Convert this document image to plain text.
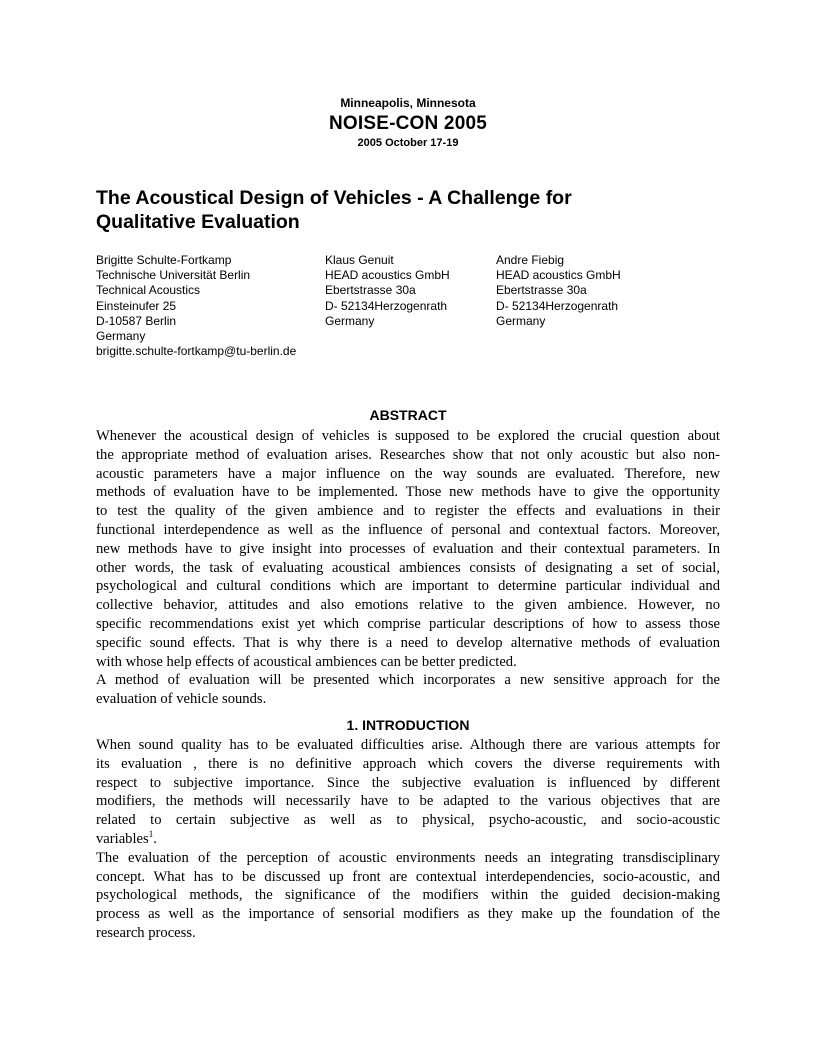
Minneapolis, Minnesota
NOISE-CON 2005
2005 October 17-19
The Acoustical Design of Vehicles - A Challenge for
Qualitative Evaluation
Brigitte Schulte-Fortkamp
Technische Universität Berlin
Technical Acoustics
Einsteinufer 25
D-10587 Berlin
Germany
brigitte.schulte-fortkamp@tu-berlin.de
Klaus Genuit
HEAD acoustics GmbH
Ebertstrasse 30a
D- 52134Herzogenrath
Germany
Andre Fiebig
HEAD acoustics GmbH
Ebertstrasse 30a
D- 52134Herzogenrath
Germany
ABSTRACT
Whenever the acoustical design of vehicles is supposed to be explored the crucial question about
the appropriate method of evaluation arises. Researches show that not only acoustic but also non-
acoustic parameters have a major influence on the way sounds are evaluated. Therefore, new
methods of evaluation have to be implemented. Those new methods have to give the opportunity
to test the quality of the given ambience and to register the effects and evaluations in their
functional interdependence as well as the influence of personal and contextual factors. Moreover,
new methods have to give insight into processes of evaluation and their contextual parameters. In
other words, the task of evaluating acoustical ambiences consists of designating a set of social,
psychological and cultural conditions which are important to determine particular individual and
collective behavior, attitudes and also emotions relative to the given ambience. However, no
specific recommendations exist yet which comprise particular descriptions of how to assess those
specific sound effects. That is why there is a need to develop alternative methods of evaluation
with whose help effects of acoustical ambiences can be better predicted.
A method of evaluation will be presented which incorporates a new sensitive approach for the
evaluation of vehicle sounds.
1. INTRODUCTION
When sound quality has to be evaluated difficulties arise. Although there are various attempts for
its evaluation , there is no definitive approach which covers the diverse requirements with
respect to subjective importance. Since the subjective evaluation is influenced by different
modifiers, the methods will necessarily have to be adapted to the various objectives that are
related to certain subjective as well as to physical, psycho-acoustic, and socio-acoustic
variables$^1$.
The evaluation of the perception of acoustic environments needs an integrating transdisciplinary
concept. What has to be discussed up front are contextual interdependencies, socio-acoustic, and
psychological methods, the significance of the modifiers within the guided decision-making
process as well as the importance of sensorial modifiers as they make up the foundation of the
research process.
